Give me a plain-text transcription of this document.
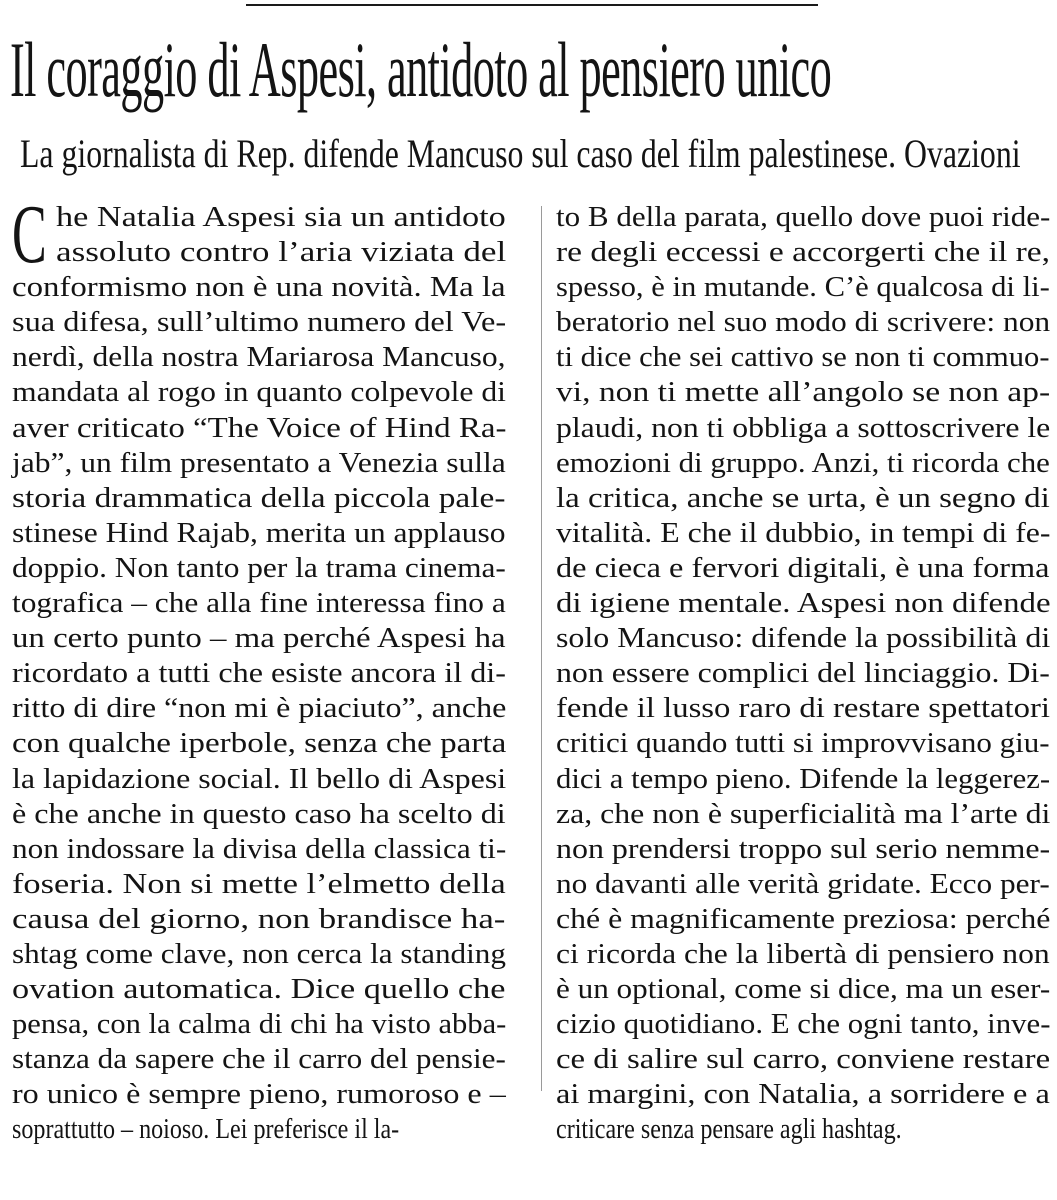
Il coraggio di Aspesi, antidoto al pensiero unico
La giornalista di Rep. difende Mancuso sul caso del film palestinese. Ovazioni
C he Natalia Aspesi sia un antidoto
assoluto contro l’aria viziata del
conformismo non è una novità. Ma la
sua difesa, sull’ultimo numero del Ve-
nerdì, della nostra Mariarosa Mancuso,
mandata al rogo in quanto colpevole di
aver criticato “The Voice of Hind Ra-
jab”, un film presentato a Venezia sulla
storia drammatica della piccola pale-
stinese Hind Rajab, merita un applauso
doppio. Non tanto per la trama cinema-
tografica – che alla fine interessa fino a
un certo punto – ma perché Aspesi ha
ricordato a tutti che esiste ancora il di-
ritto di dire “non mi è piaciuto”, anche
con qualche iperbole, senza che parta
la lapidazione social. Il bello di Aspesi
è che anche in questo caso ha scelto di
non indossare la divisa della classica ti-
foseria. Non si mette l’elmetto della
causa del giorno, non brandisce ha-
shtag come clave, non cerca la standing
ovation automatica. Dice quello che
pensa, con la calma di chi ha visto abba-
stanza da sapere che il carro del pensie-
ro unico è sempre pieno, rumoroso e –
soprattutto – noioso. Lei preferisce il la-
to B della parata, quello dove puoi ride-
re degli eccessi e accorgerti che il re,
spesso, è in mutande. C’è qualcosa di li-
beratorio nel suo modo di scrivere: non
ti dice che sei cattivo se non ti commuo-
vi, non ti mette all’angolo se non ap-
plaudi, non ti obbliga a sottoscrivere le
emozioni di gruppo. Anzi, ti ricorda che
la critica, anche se urta, è un segno di
vitalità. E che il dubbio, in tempi di fe-
de cieca e fervori digitali, è una forma
di igiene mentale. Aspesi non difende
solo Mancuso: difende la possibilità di
non essere complici del linciaggio. Di-
fende il lusso raro di restare spettatori
critici quando tutti si improvvisano giu-
dici a tempo pieno. Difende la leggerez-
za, che non è superficialità ma l’arte di
non prendersi troppo sul serio nemme-
no davanti alle verità gridate. Ecco per-
ché è magnificamente preziosa: perché
ci ricorda che la libertà di pensiero non
è un optional, come si dice, ma un eser-
cizio quotidiano. E che ogni tanto, inve-
ce di salire sul carro, conviene restare
ai margini, con Natalia, a sorridere e a
criticare senza pensare agli hashtag.
